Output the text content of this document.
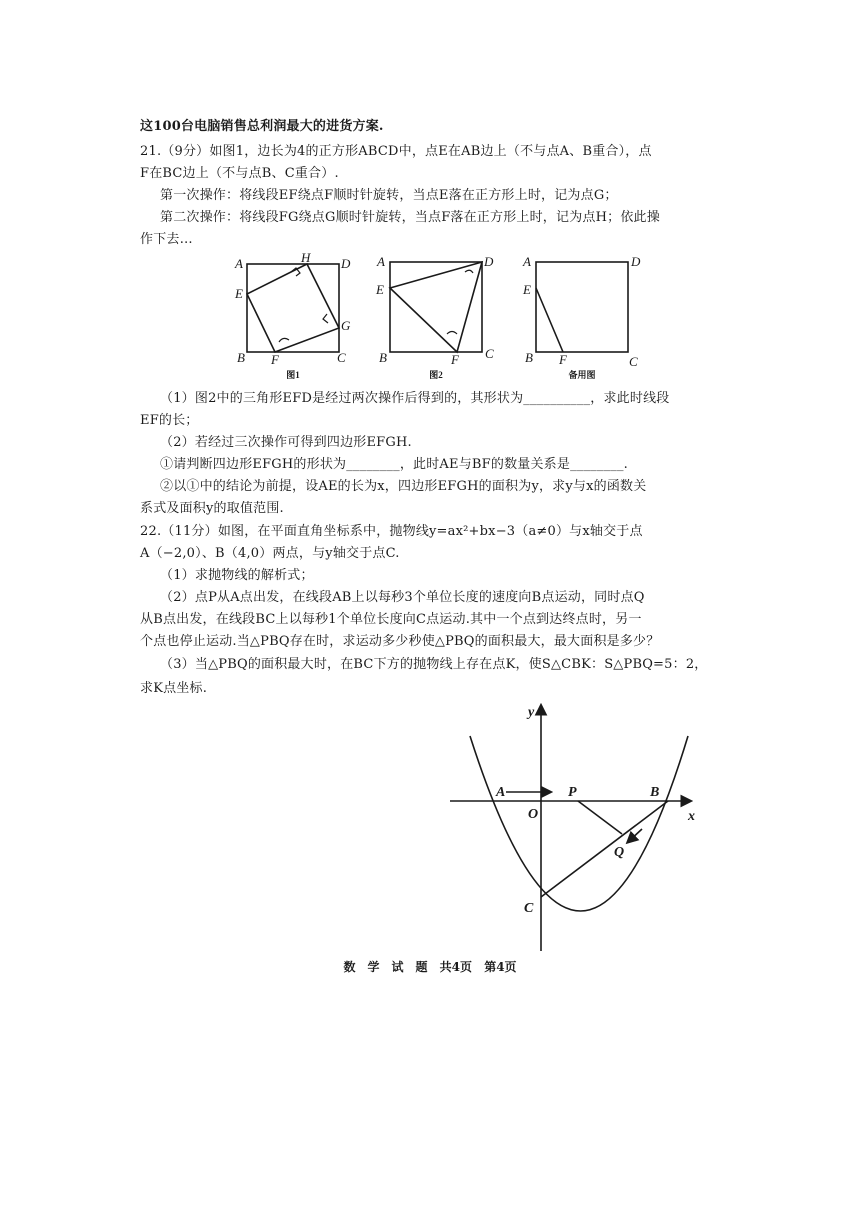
这100台电脑销售总利润最大的进货方案.
21.（9分）如图1，边长为4的正方形ABCD中，点E在AB边上（不与点A、B重合），点
F在BC边上（不与点B、C重合）.
第一次操作：将线段EF绕点F顺时针旋转，当点E落在正方形上时，记为点G；
第二次操作：将线段FG绕点G顺时针旋转，当点F落在正方形上时，记为点H；依此操
作下去…
A	H D
E
G
B F	C
A	D
E
B	F C
A	D
E
B F	C
图1	图2	备用图
（1）图2中的三角形EFD是经过两次操作后得到的，其形状为__________，求此时线段
EF的长；
（2）若经过三次操作可得到四边形EFGH.
①请判断四边形EFGH的形状为________，此时AE与BF的数量关系是________.
②以①中的结论为前提，设AE的长为x，四边形EFGH的面积为y，求y与x的函数关
系式及面积y的取值范围.
22.（11分）如图，在平面直角坐标系中，抛物线y=ax²+bx−3（a≠0）与x轴交于点
A（−2,0）、B（4,0）两点，与y轴交于点C.
（1）求抛物线的解析式；
（2）点P从A点出发，在线段AB上以每秒3个单位长度的速度向B点运动，同时点Q
从B点出发，在线段BC上以每秒1个单位长度向C点运动.其中一个点到达终点时，另一
个点也停止运动.当△PBQ存在时，求运动多少秒使△PBQ的面积最大，最大面积是多少？
（3）当△PBQ的面积最大时，在BC下方的抛物线上存在点K，使S△CBK：S△PBQ=5：2，
求K点坐标.
y
x
A
O
P	B
Q
C
数　学　试　题 共4页 第4页
